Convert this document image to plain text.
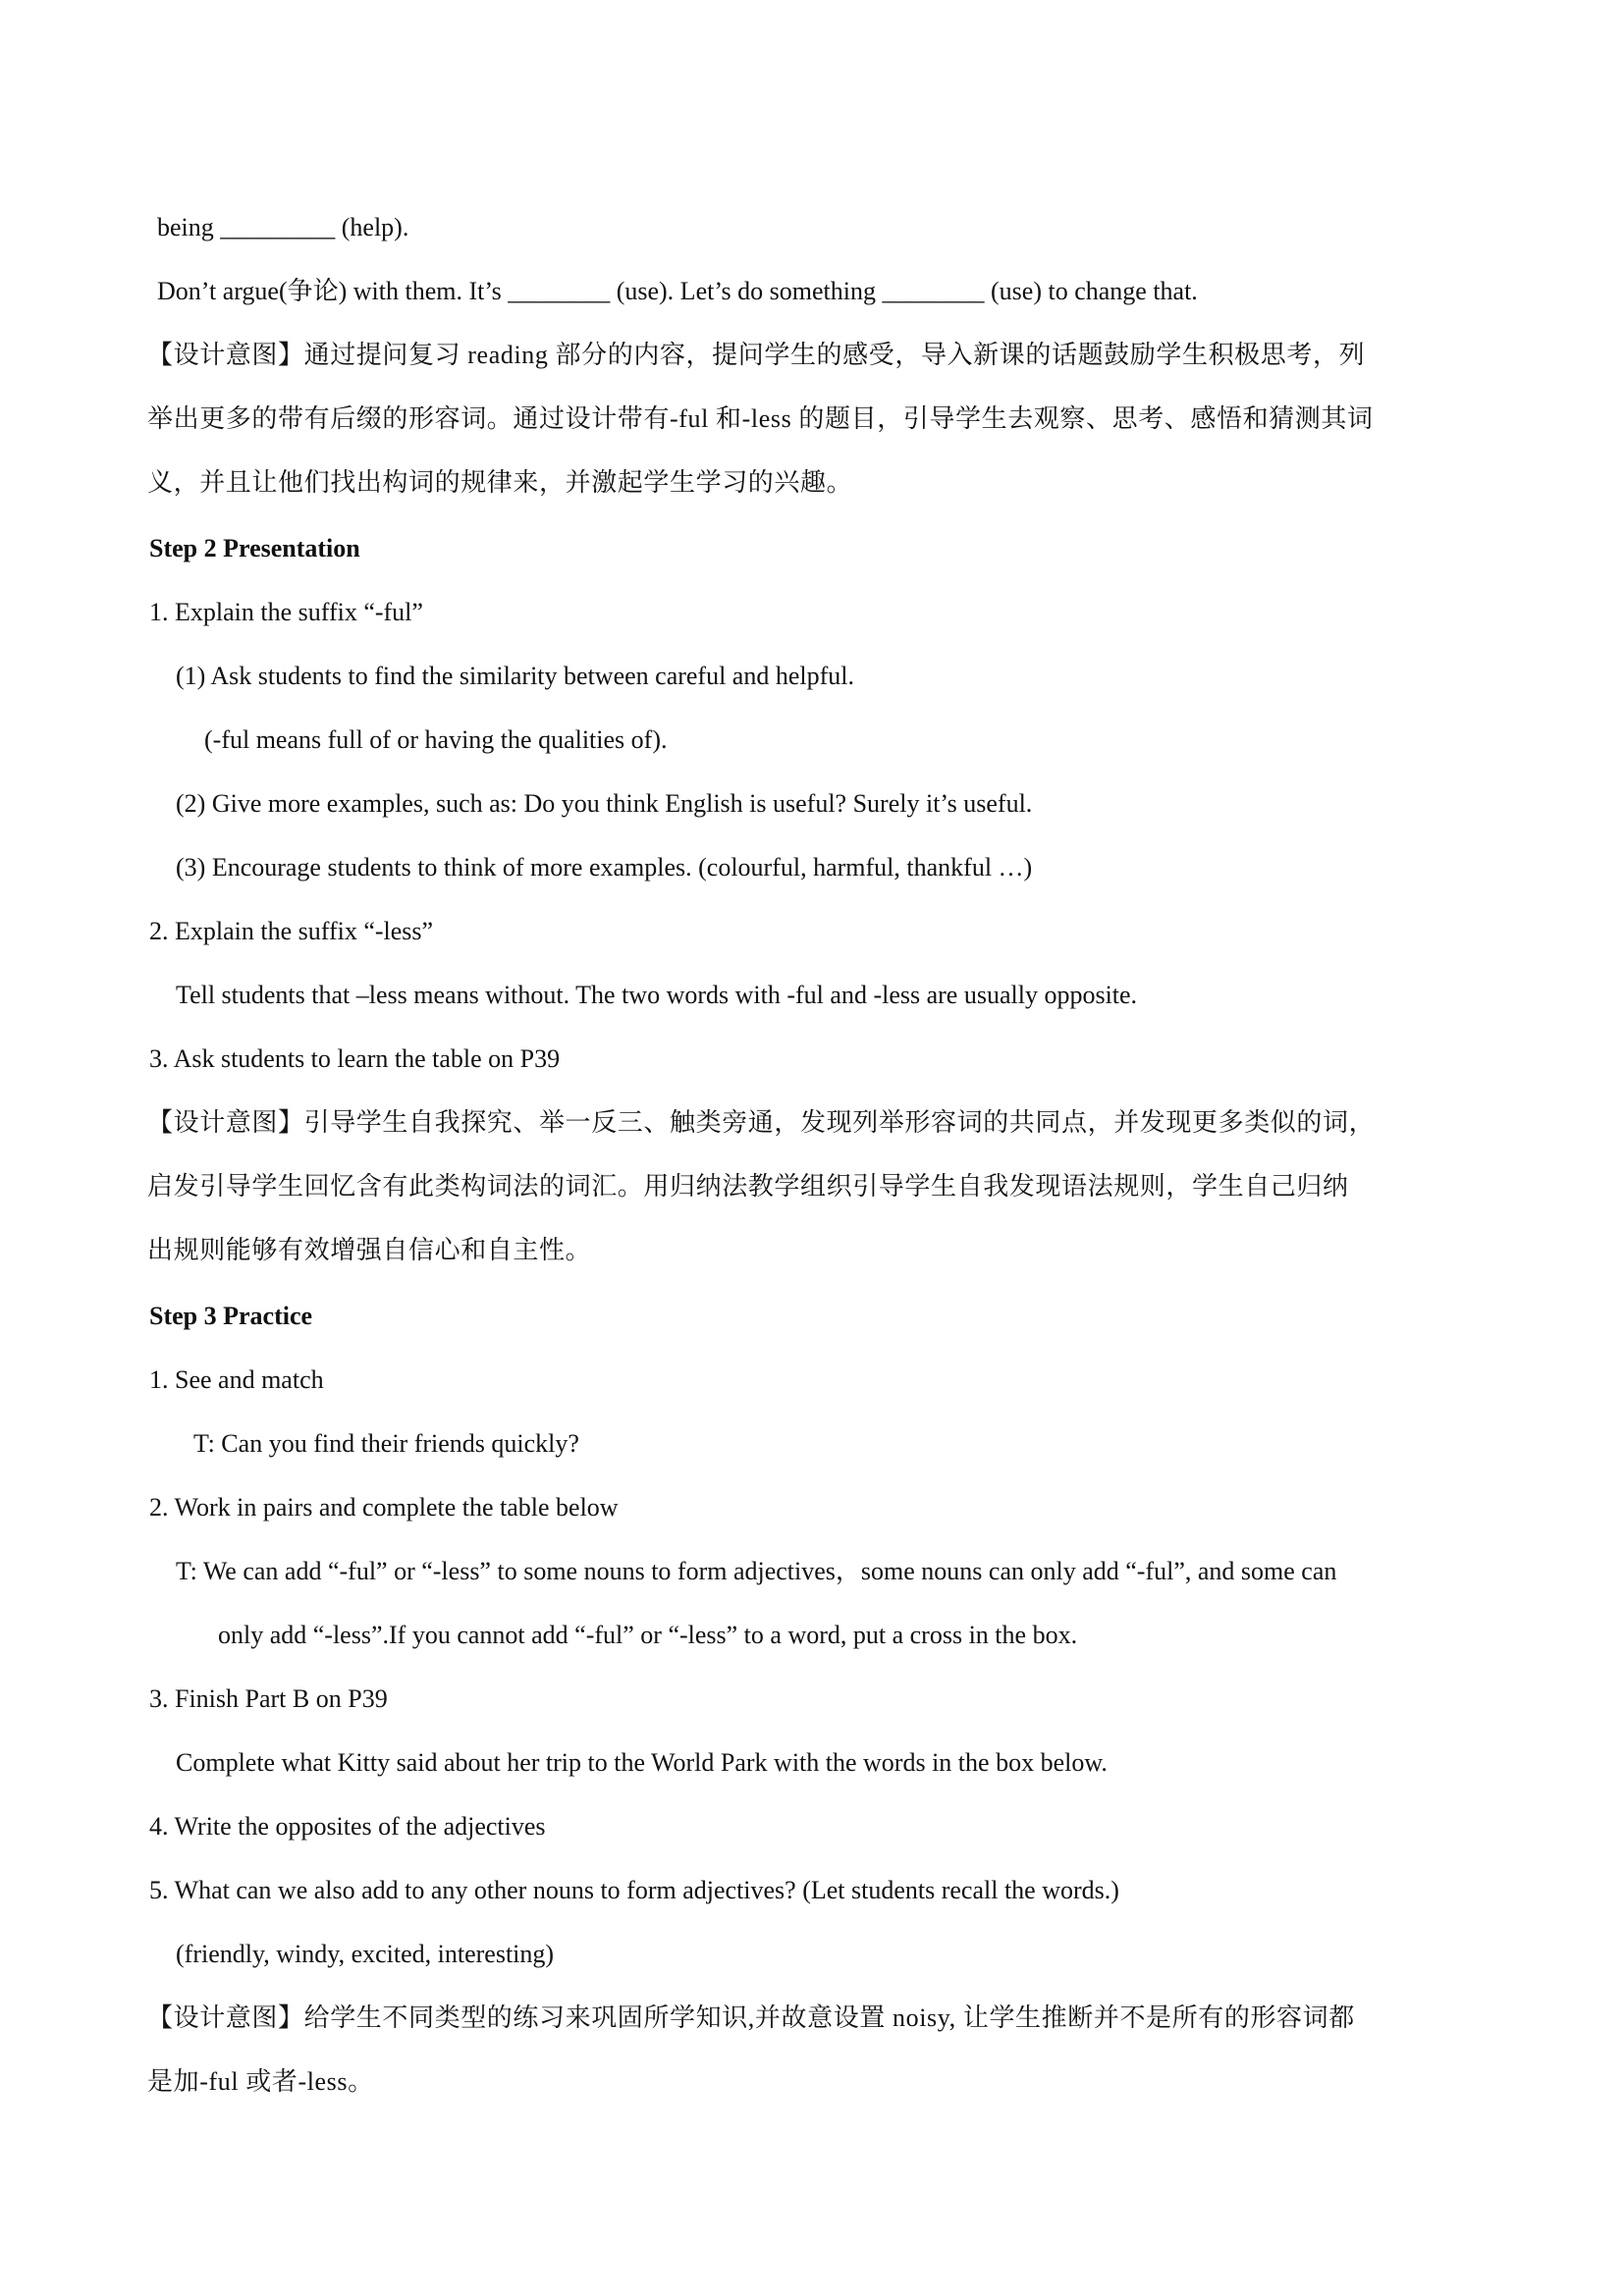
being _________ (help).
Don’t argue(争论) with them. It’s ________ (use). Let’s do something ________ (use) to change that.
【设计意图】通过提问复习 reading 部分的内容，提问学生的感受，导入新课的话题鼓励学生积极思考，列
举出更多的带有后缀的形容词。通过设计带有-ful 和-less 的题目，引导学生去观察、思考、感悟和猜测其词
义，并且让他们找出构词的规律来，并激起学生学习的兴趣。
Step 2 Presentation
1. Explain the suffix “-ful”
(1) Ask students to find the similarity between careful and helpful.
(-ful means full of or having the qualities of).
(2) Give more examples, such as: Do you think English is useful? Surely it’s useful.
(3) Encourage students to think of more examples. (colourful, harmful, thankful …)
2. Explain the suffix “-less”
Tell students that –less means without. The two words with -ful and -less are usually opposite.
3. Ask students to learn the table on P39
【设计意图】引导学生自我探究、举一反三、触类旁通，发现列举形容词的共同点，并发现更多类似的词，
启发引导学生回忆含有此类构词法的词汇。用归纳法教学组织引导学生自我发现语法规则，学生自己归纳
出规则能够有效增强自信心和自主性。
Step 3 Practice
1. See and match
T: Can you find their friends quickly?
2. Work in pairs and complete the table below
T: We can add “-ful” or “-less” to some nouns to form adjectives，some nouns can only add “-ful”, and some can
only add “-less”.If you cannot add “-ful” or “-less” to a word, put a cross in the box.
3. Finish Part B on P39
Complete what Kitty said about her trip to the World Park with the words in the box below.
4. Write the opposites of the adjectives
5. What can we also add to any other nouns to form adjectives? (Let students recall the words.)
(friendly, windy, excited, interesting)
【设计意图】给学生不同类型的练习来巩固所学知识,并故意设置 noisy, 让学生推断并不是所有的形容词都
是加-ful 或者-less。
